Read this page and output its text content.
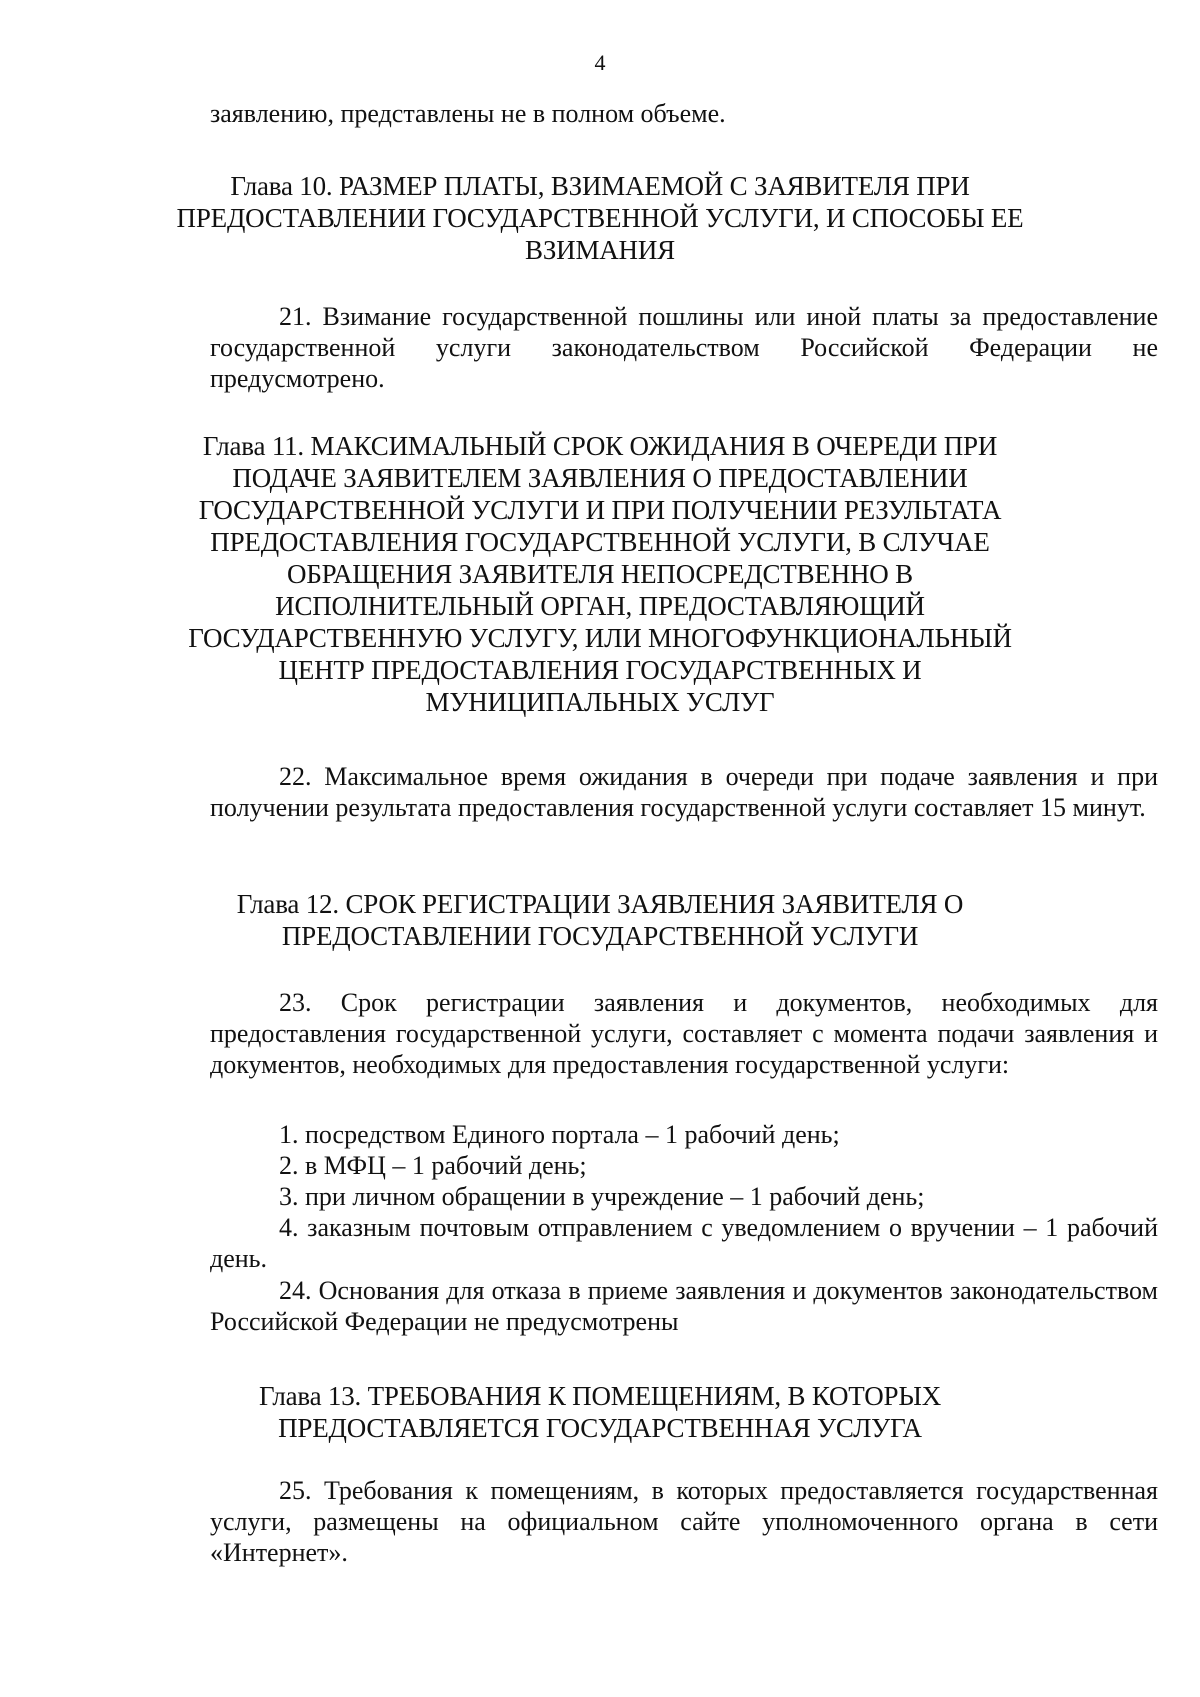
4

заявлению, представлены не в полном объеме.

Глава 10. РАЗМЕР ПЛАТЫ, ВЗИМАЕМОЙ С ЗАЯВИТЕЛЯ ПРИ
ПРЕДОСТАВЛЕНИИ ГОСУДАРСТВЕННОЙ УСЛУГИ, И СПОСОБЫ ЕЕ
ВЗИМАНИЯ

21. Взимание государственной пошлины или иной платы за предоставление государственной услуги законодательством Российской Федерации не предусмотрено.

Глава 11. МАКСИМАЛЬНЫЙ СРОК ОЖИДАНИЯ В ОЧЕРЕДИ ПРИ
ПОДАЧЕ ЗАЯВИТЕЛЕМ ЗАЯВЛЕНИЯ О ПРЕДОСТАВЛЕНИИ
ГОСУДАРСТВЕННОЙ УСЛУГИ И ПРИ ПОЛУЧЕНИИ РЕЗУЛЬТАТА
ПРЕДОСТАВЛЕНИЯ ГОСУДАРСТВЕННОЙ УСЛУГИ, В СЛУЧАЕ
ОБРАЩЕНИЯ ЗАЯВИТЕЛЯ НЕПОСРЕДСТВЕННО В
ИСПОЛНИТЕЛЬНЫЙ ОРГАН, ПРЕДОСТАВЛЯЮЩИЙ
ГОСУДАРСТВЕННУЮ УСЛУГУ, ИЛИ МНОГОФУНКЦИОНАЛЬНЫЙ
ЦЕНТР ПРЕДОСТАВЛЕНИЯ ГОСУДАРСТВЕННЫХ И
МУНИЦИПАЛЬНЫХ УСЛУГ

22. Максимальное время ожидания в очереди при подаче заявления и при получении результата предоставления государственной услуги составляет 15 минут.

Глава 12. СРОК РЕГИСТРАЦИИ ЗАЯВЛЕНИЯ ЗАЯВИТЕЛЯ О
ПРЕДОСТАВЛЕНИИ ГОСУДАРСТВЕННОЙ УСЛУГИ

23. Срок регистрации заявления и документов, необходимых для предоставления государственной услуги, составляет с момента подачи заявления и документов, необходимых для предоставления государственной услуги:

1. посредством Единого портала – 1 рабочий день;

2. в МФЦ – 1 рабочий день;

3. при личном обращении в учреждение – 1 рабочий день;

4. заказным почтовым отправлением с уведомлением о вручении – 1 рабочий день.

24. Основания для отказа в приеме заявления и документов законодательством Российской Федерации не предусмотрены

Глава 13. ТРЕБОВАНИЯ К ПОМЕЩЕНИЯМ, В КОТОРЫХ
ПРЕДОСТАВЛЯЕТСЯ ГОСУДАРСТВЕННАЯ УСЛУГА

25. Требования к помещениям, в которых предоставляется государственная услуги, размещены на официальном сайте уполномоченного органа в сети «Интернет».
